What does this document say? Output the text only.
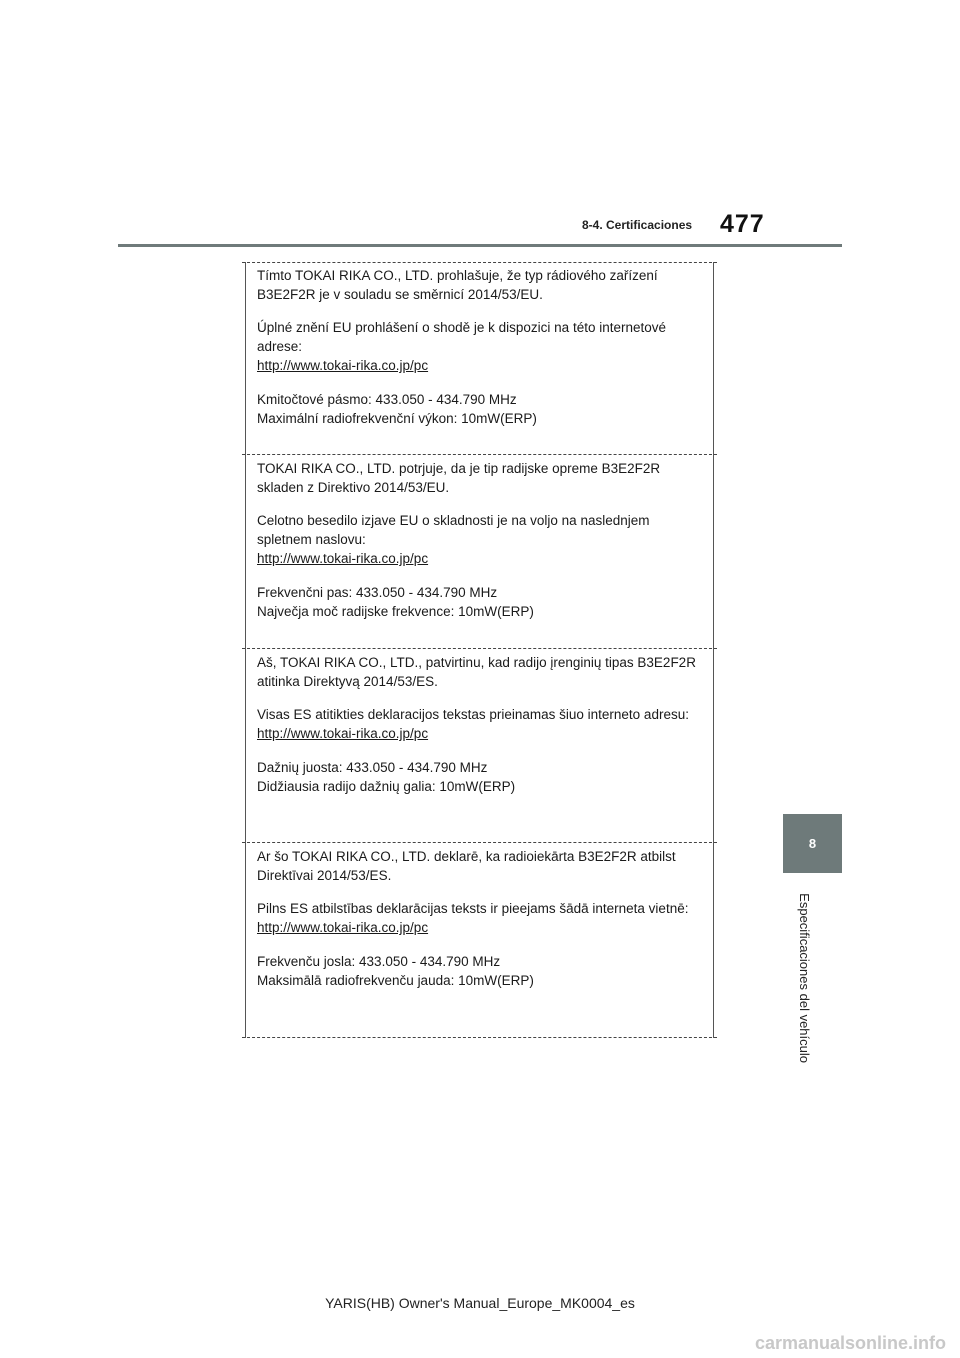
8-4. Certificaciones 477
8
Especificaciones del vehículo

Tímto TOKAI RIKA CO., LTD. prohlašuje, že typ rádiového zařízení B3E2F2R je v souladu se směrnicí 2014/53/EU.

Úplné znění EU prohlášení o shodě je k dispozici na této internetové adrese:

http://www.tokai-rika.co.jp/pc

Kmitočtové pásmo: 433.050 - 434.790 MHz

Maximální radiofrekvenční výkon: 10mW(ERP)

TOKAI RIKA CO., LTD. potrjuje, da je tip radijske opreme B3E2F2R skladen z Direktivo 2014/53/EU.

Celotno besedilo izjave EU o skladnosti je na voljo na naslednjem spletnem naslovu:

http://www.tokai-rika.co.jp/pc

Frekvenčni pas: 433.050 - 434.790 MHz

Največja moč radijske frekvence: 10mW(ERP)

Aš, TOKAI RIKA CO., LTD., patvirtinu, kad radijo įrenginių tipas B3E2F2R atitinka Direktyvą 2014/53/ES.

Visas ES atitikties deklaracijos tekstas prieinamas šiuo interneto adresu:

http://www.tokai-rika.co.jp/pc

Dažnių juosta: 433.050 - 434.790 MHz

Didžiausia radijo dažnių galia: 10mW(ERP)

Ar šo TOKAI RIKA CO., LTD. deklarē, ka radioiekārta B3E2F2R atbilst Direktīvai 2014/53/ES.

Pilns ES atbilstības deklarācijas teksts ir pieejams šādā interneta vietnē:

http://www.tokai-rika.co.jp/pc

Frekvenču josla: 433.050 - 434.790 MHz

Maksimālā radiofrekvenču jauda: 10mW(ERP)

YARIS(HB) Owner's Manual_Europe_MK0004_es
carmanualsonline.info
